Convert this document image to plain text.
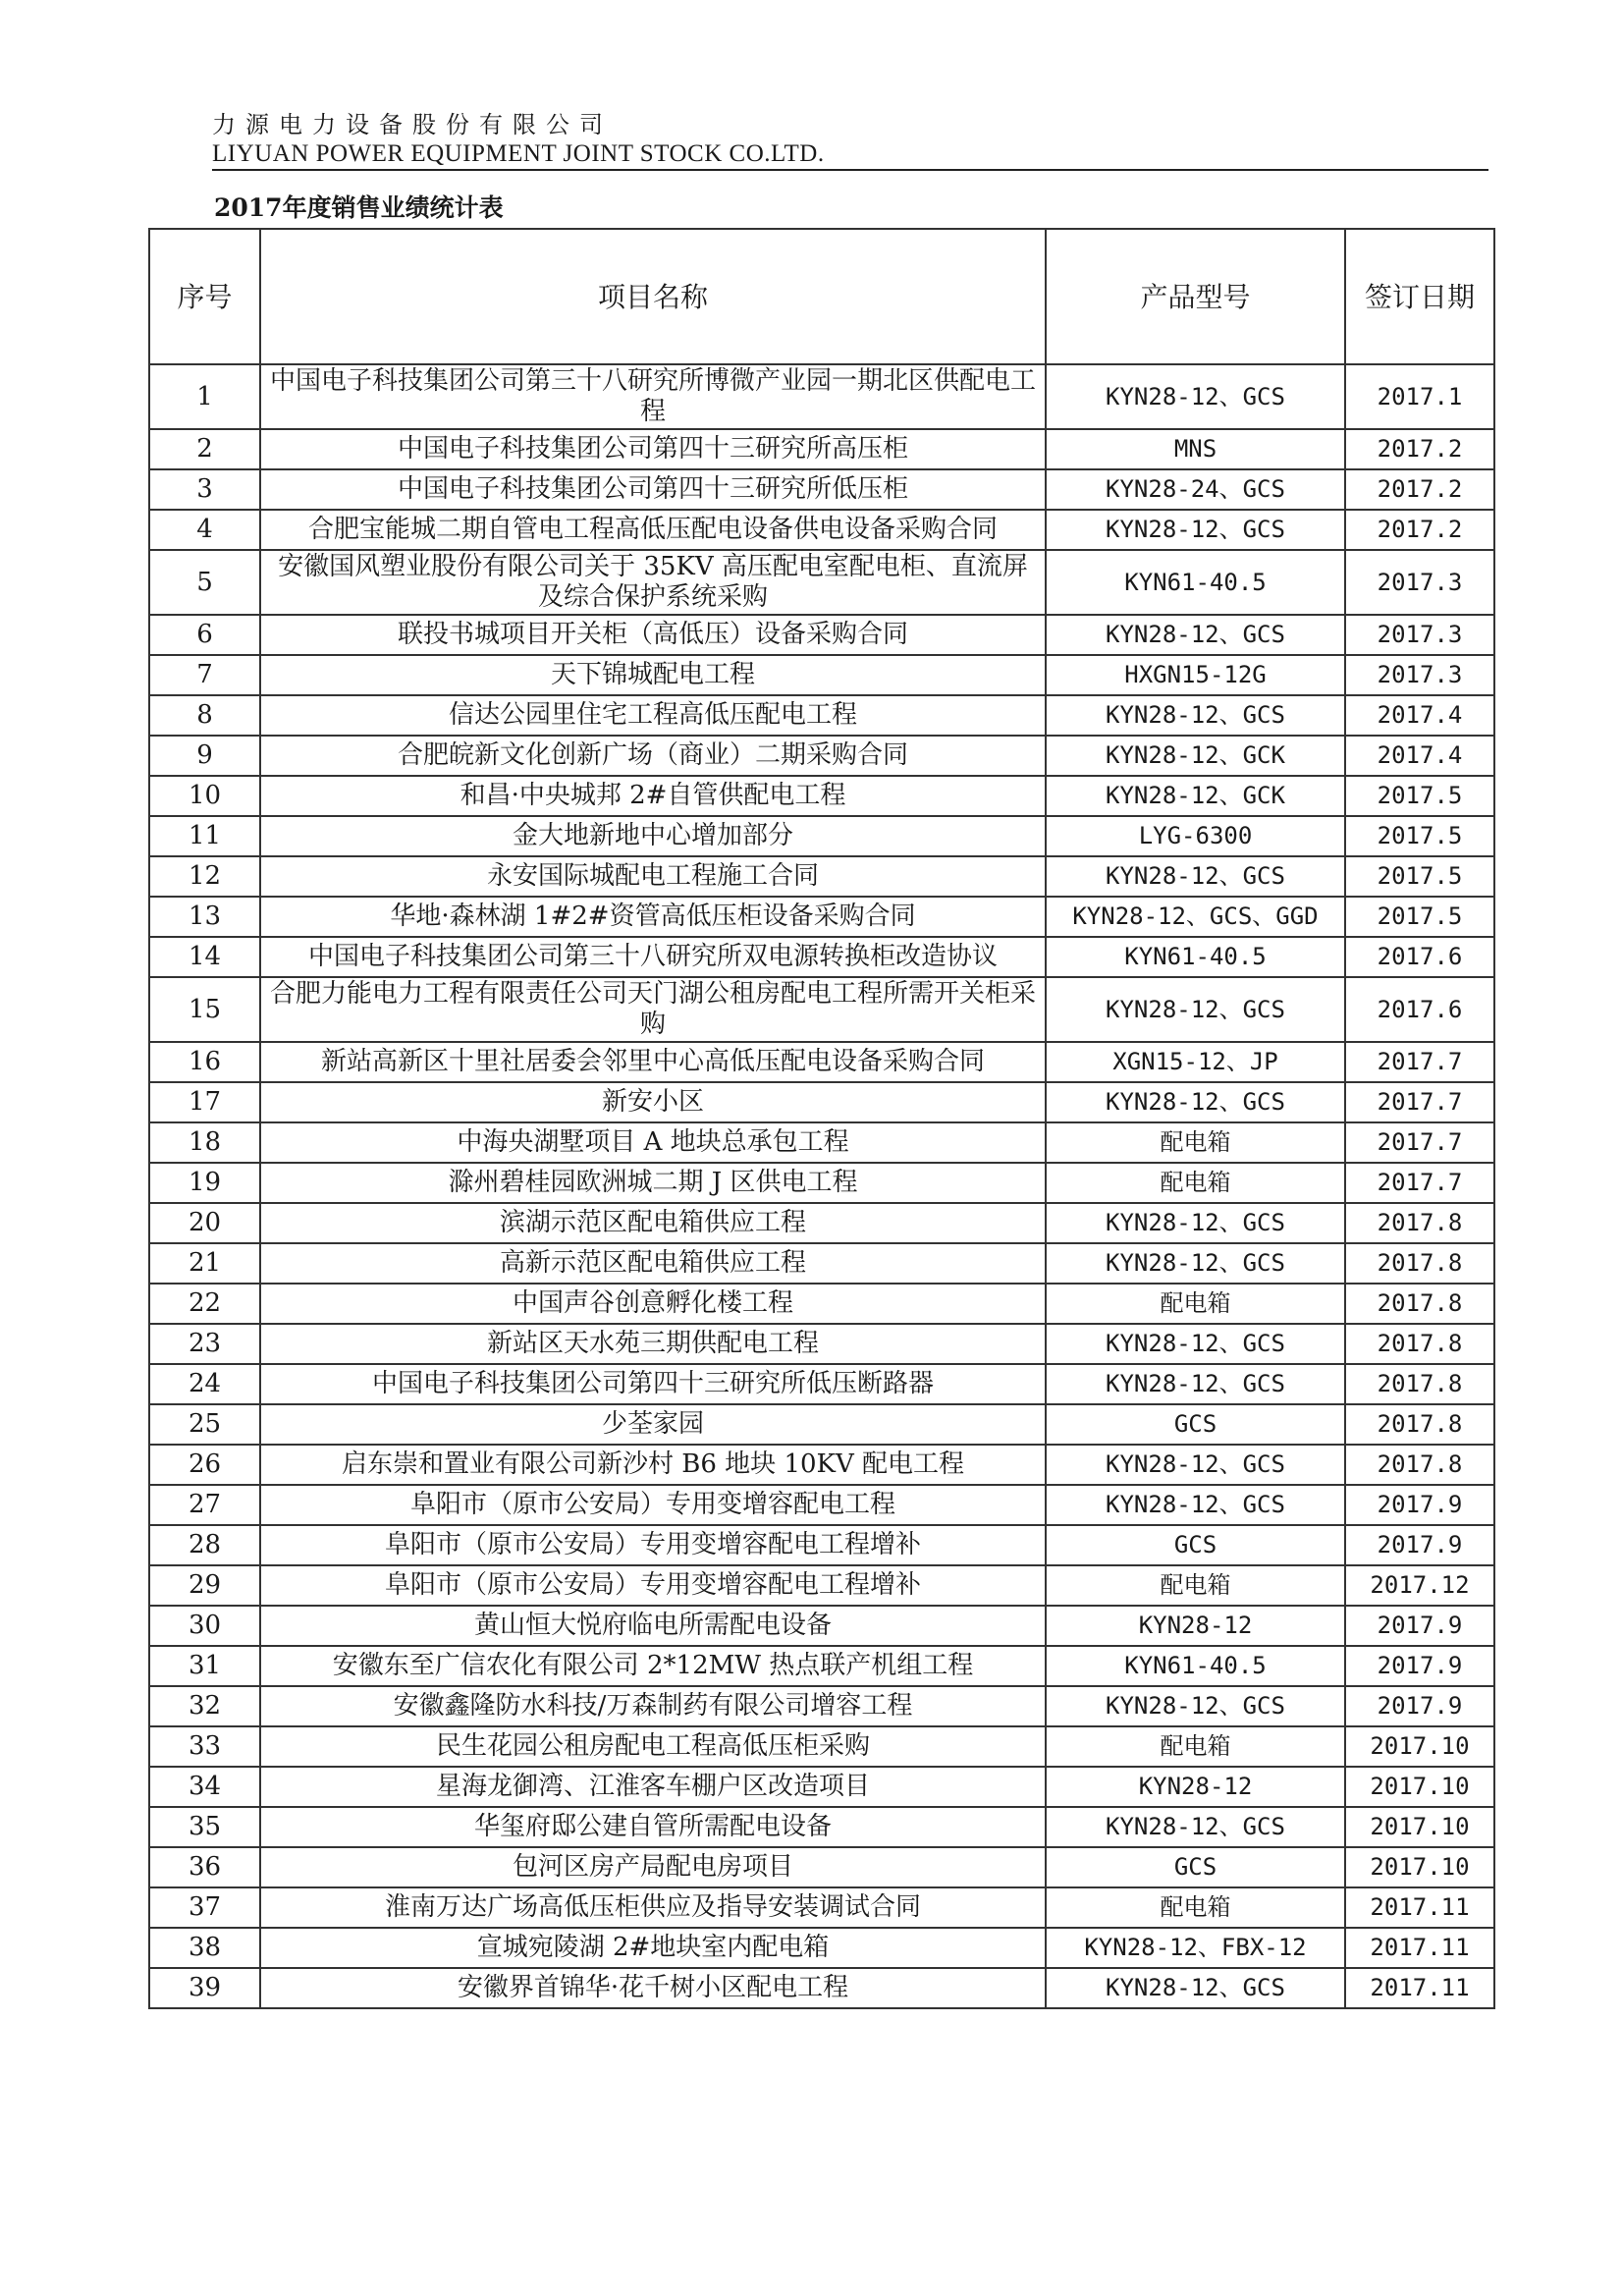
力源电力设备股份有限公司
LIYUAN POWER EQUIPMENT JOINT STOCK CO.LTD.
2017年度销售业绩统计表
序号	项目名称	产品型号	签订日期
1	中国电子科技集团公司第三十八研究所博微产业园一期北区供配电工程	KYN28-12、GCS	2017.1
2	中国电子科技集团公司第四十三研究所高压柜	MNS	2017.2
3	中国电子科技集团公司第四十三研究所低压柜	KYN28-24、GCS	2017.2
4	合肥宝能城二期自管电工程高低压配电设备供电设备采购合同	KYN28-12、GCS	2017.2
5	安徽国风塑业股份有限公司关于 35KV 高压配电室配电柜、直流屏及综合保护系统采购	KYN61-40.5	2017.3
6	联投书城项目开关柜（高低压）设备采购合同	KYN28-12、GCS	2017.3
7	天下锦城配电工程	HXGN15-12G	2017.3
8	信达公园里住宅工程高低压配电工程	KYN28-12、GCS	2017.4
9	合肥皖新文化创新广场（商业）二期采购合同	KYN28-12、GCK	2017.4
10	和昌·中央城邦 2#自管供配电工程	KYN28-12、GCK	2017.5
11	金大地新地中心增加部分	LYG-6300	2017.5
12	永安国际城配电工程施工合同	KYN28-12、GCS	2017.5
13	华地·森林湖 1#2#资管高低压柜设备采购合同	KYN28-12、GCS、GGD	2017.5
14	中国电子科技集团公司第三十八研究所双电源转换柜改造协议	KYN61-40.5	2017.6
15	合肥力能电力工程有限责任公司天门湖公租房配电工程所需开关柜采购	KYN28-12、GCS	2017.6
16	新站高新区十里社居委会邻里中心高低压配电设备采购合同	XGN15-12、JP	2017.7
17	新安小区	KYN28-12、GCS	2017.7
18	中海央湖墅项目 A 地块总承包工程	配电箱	2017.7
19	滁州碧桂园欧洲城二期 J 区供电工程	配电箱	2017.7
20	滨湖示范区配电箱供应工程	KYN28-12、GCS	2017.8
21	高新示范区配电箱供应工程	KYN28-12、GCS	2017.8
22	中国声谷创意孵化楼工程	配电箱	2017.8
23	新站区天水苑三期供配电工程	KYN28-12、GCS	2017.8
24	中国电子科技集团公司第四十三研究所低压断路器	KYN28-12、GCS	2017.8
25	少荃家园	GCS	2017.8
26	启东崇和置业有限公司新沙村 B6 地块 10KV 配电工程	KYN28-12、GCS	2017.8
27	阜阳市（原市公安局）专用变增容配电工程	KYN28-12、GCS	2017.9
28	阜阳市（原市公安局）专用变增容配电工程增补	GCS	2017.9
29	阜阳市（原市公安局）专用变增容配电工程增补	配电箱	2017.12
30	黄山恒大悦府临电所需配电设备	KYN28-12	2017.9
31	安徽东至广信农化有限公司 2*12MW 热点联产机组工程	KYN61-40.5	2017.9
32	安徽鑫隆防水科技/万森制药有限公司增容工程	KYN28-12、GCS	2017.9
33	民生花园公租房配电工程高低压柜采购	配电箱	2017.10
34	星海龙御湾、江淮客车棚户区改造项目	KYN28-12	2017.10
35	华玺府邸公建自管所需配电设备	KYN28-12、GCS	2017.10
36	包河区房产局配电房项目	GCS	2017.10
37	淮南万达广场高低压柜供应及指导安装调试合同	配电箱	2017.11
38	宣城宛陵湖 2#地块室内配电箱	KYN28-12、FBX-12	2017.11
39	安徽界首锦华·花千树小区配电工程	KYN28-12、GCS	2017.11
